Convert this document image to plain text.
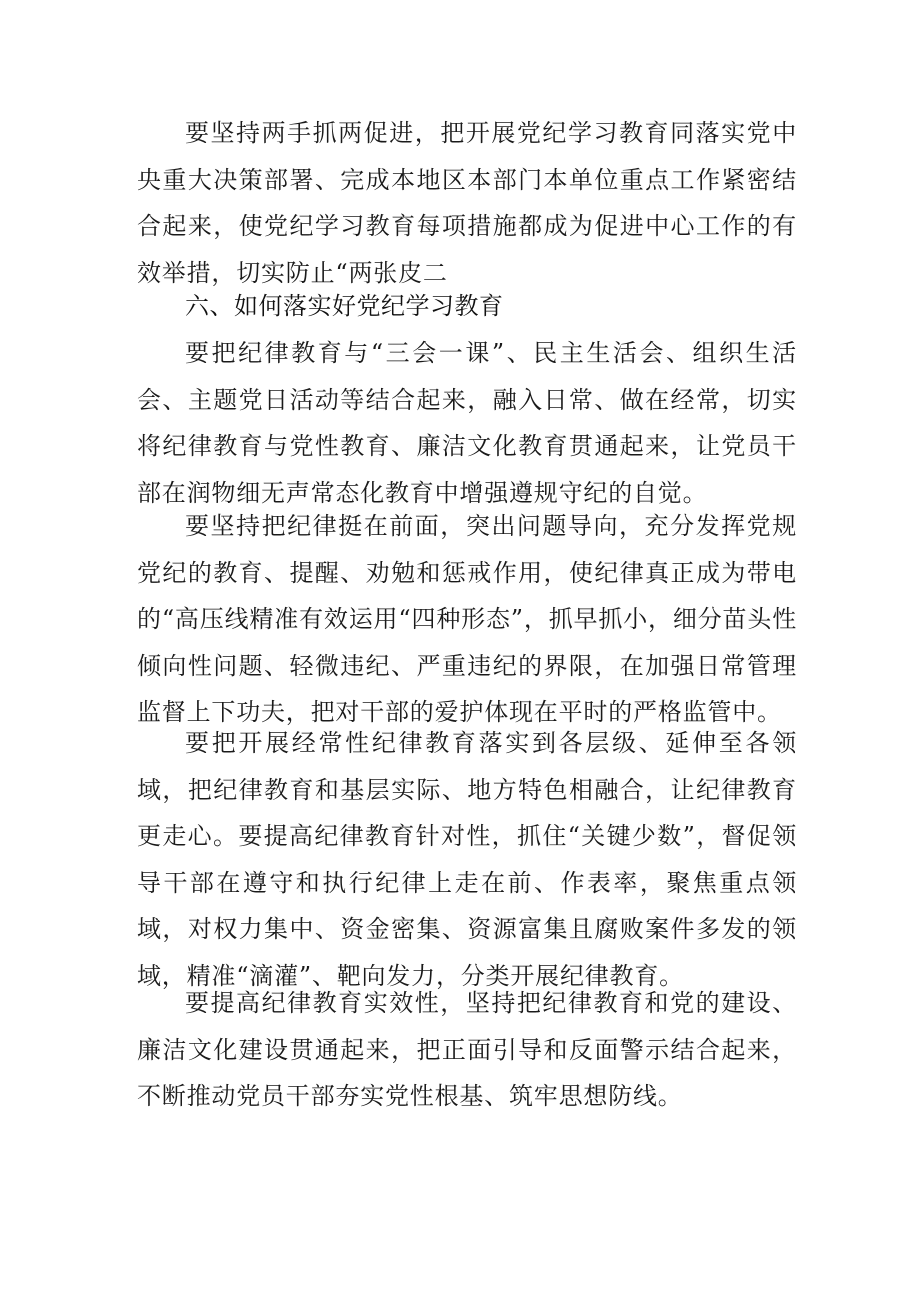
要坚持两手抓两促进，把开展党纪学习教育同落实党中央重大决策部署、完成本地区本部门本单位重点工作紧密结合起来，使党纪学习教育每项措施都成为促进中心工作的有效举措，切实防止“两张皮二

六、如何落实好党纪学习教育

要把纪律教育与“三会一课”、民主生活会、组织生活会、主题党日活动等结合起来，融入日常、做在经常，切实将纪律教育与党性教育、廉洁文化教育贯通起来，让党员干部在润物细无声常态化教育中增强遵规守纪的自觉。

要坚持把纪律挺在前面，突出问题导向，充分发挥党规党纪的教育、提醒、劝勉和惩戒作用，使纪律真正成为带电的“高压线精准有效运用“四种形态”，抓早抓小，细分苗头性倾向性问题、轻微违纪、严重违纪的界限，在加强日常管理监督上下功夫，把对干部的爱护体现在平时的严格监管中。

要把开展经常性纪律教育落实到各层级、延伸至各领域，把纪律教育和基层实际、地方特色相融合，让纪律教育更走心。要提高纪律教育针对性，抓住“关键少数”，督促领导干部在遵守和执行纪律上走在前、作表率，聚焦重点领域，对权力集中、资金密集、资源富集且腐败案件多发的领域，精准“滴灌”、靶向发力，分类开展纪律教育。

要提高纪律教育实效性，坚持把纪律教育和党的建设、廉洁文化建设贯通起来，把正面引导和反面警示结合起来，不断推动党员干部夯实党性根基、筑牢思想防线。
